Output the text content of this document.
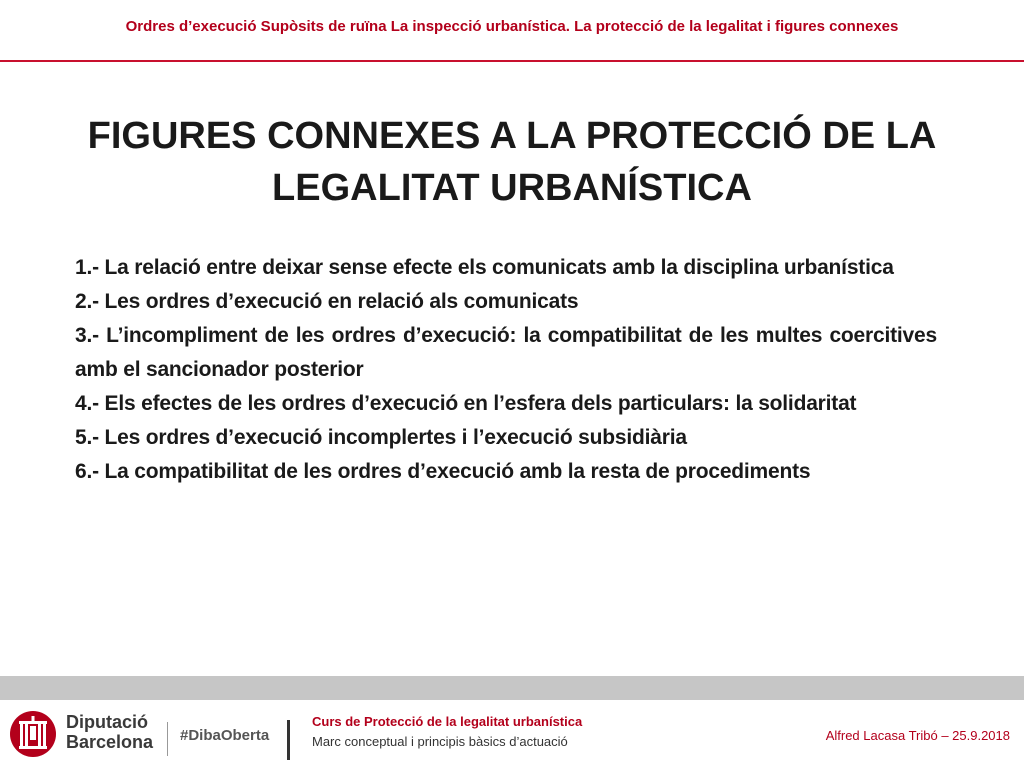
Ordres d’execució Supòsits de ruïna La inspecció urbanística. La protecció de la legalitat i figures connexes
FIGURES CONNEXES A LA PROTECCIÓ DE LA
LEGALITAT URBANÍSTICA
1.- La relació entre deixar sense efecte els comunicats amb la disciplina urbanística
2.- Les ordres d’execució en relació als comunicats
3.- L’incompliment de les ordres d’execució: la compatibilitat de les multes coercitives amb el sancionador posterior
4.- Els efectes de les ordres d’execució en l’esfera dels particulars: la solidaritat
5.- Les ordres d’execució incomplertes i l’execució subsidiària
6.- La compatibilitat de les ordres d’execució amb la resta de procediments
Diputació
Barcelona #DibaOberta
Curs de Protecció de la legalitat urbanística
Marc conceptual i principis bàsics d’actuació	Alfred Lacasa Tribó – 25.9.2018
